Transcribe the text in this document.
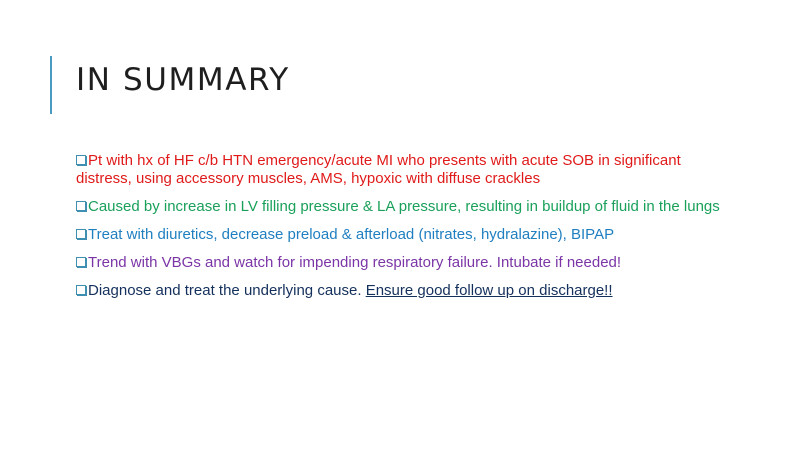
IN SUMMARY
Pt with hx of HF c/b HTN emergency/acute MI who presents with acute SOB in significant distress, using accessory muscles, AMS, hypoxic with diffuse crackles
Caused by increase in LV filling pressure & LA pressure, resulting in buildup of fluid in the lungs
Treat with diuretics, decrease preload & afterload (nitrates, hydralazine), BIPAP
Trend with VBGs and watch for impending respiratory failure. Intubate if needed!
Diagnose and treat the underlying cause. Ensure good follow up on discharge!!
